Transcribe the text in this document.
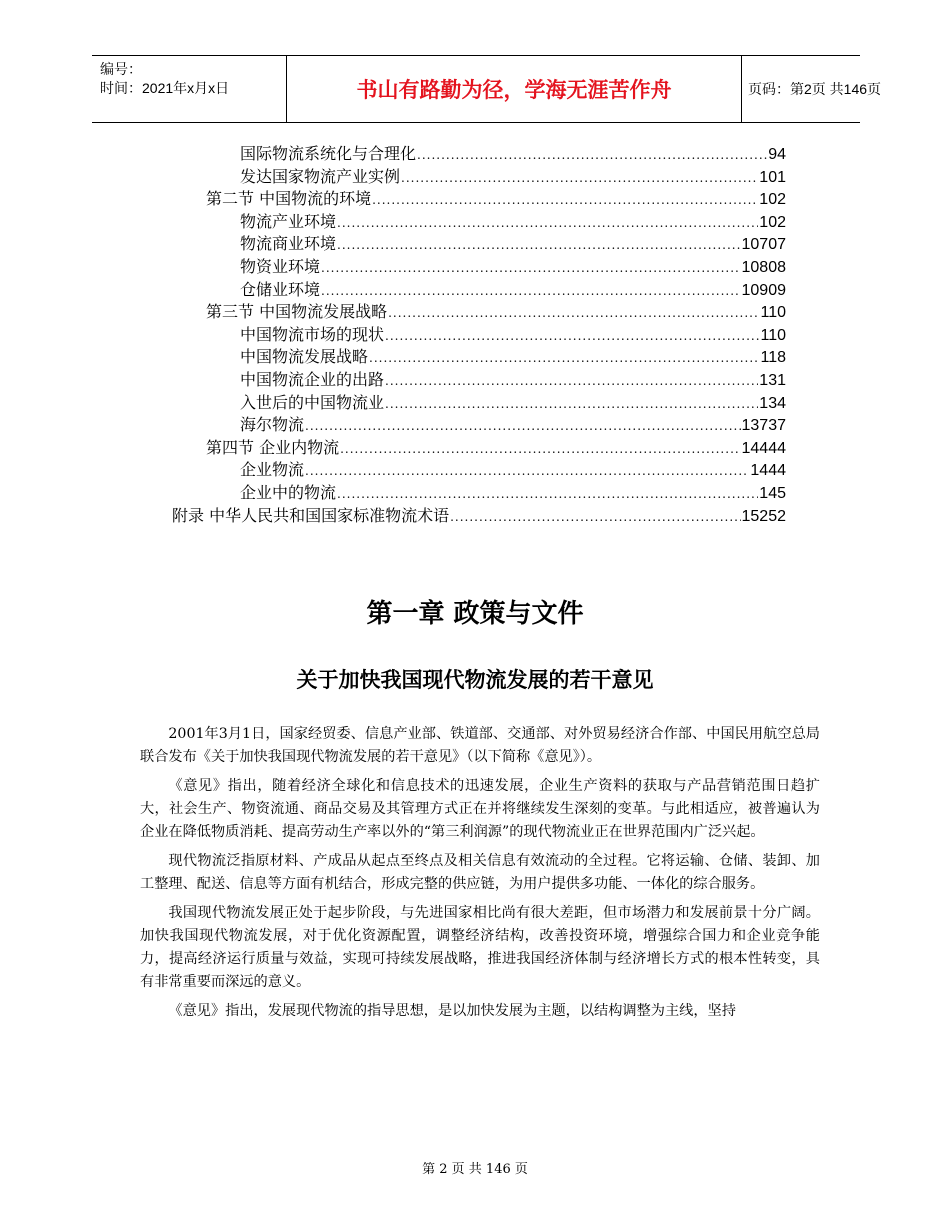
编号：
时间：2021年x月x日	书山有路勤为径，学海无涯苦作舟	页码：第2页 共146页
国际物流系统化与合理化 .....	94
发达国家物流产业实例 .....	101
第二节 中国物流的环境 .....	102
物流产业环境 .....	102
物流商业环境 .....	10707
物资业环境 .....	10808
仓储业环境 .....	10909
第三节 中国物流发展战略 .....	110
中国物流市场的现状 .....	110
中国物流发展战略 .....	118
中国物流企业的出路 .....	131
入世后的中国物流业 .....	134
海尔物流 .....	13737
第四节 企业内物流 .....	14444
企业物流 .....	1444
企业中的物流 .....	145
附录 中华人民共和国国家标准物流术语 .....	15252
第一章 政策与文件
关于加快我国现代物流发展的若干意见

2001年3月1日，国家经贸委、信息产业部、铁道部、交通部、对外贸易经济合作部、中国民用航空总局联合发布《关于加快我国现代物流发展的若干意见》（以下简称《意见》）。

《意见》指出，随着经济全球化和信息技术的迅速发展，企业生产资料的获取与产品营销范围日趋扩大，社会生产、物资流通、商品交易及其管理方式正在并将继续发生深刻的变革。与此相适应，被普遍认为企业在降低物质消耗、提高劳动生产率以外的“第三利润源”的现代物流业正在世界范围内广泛兴起。

现代物流泛指原材料、产成品从起点至终点及相关信息有效流动的全过程。它将运输、仓储、装卸、加工整理、配送、信息等方面有机结合，形成完整的供应链，为用户提供多功能、一体化的综合服务。

我国现代物流发展正处于起步阶段，与先进国家相比尚有很大差距，但市场潜力和发展前景十分广阔。加快我国现代物流发展，对于优化资源配置，调整经济结构，改善投资环境，增强综合国力和企业竞争能力，提高经济运行质量与效益，实现可持续发展战略，推进我国经济体制与经济增长方式的根本性转变，具有非常重要而深远的意义。

《意见》指出，发展现代物流的指导思想，是以加快发展为主题，以结构调整为主线，坚持

第 2 页 共 146 页
